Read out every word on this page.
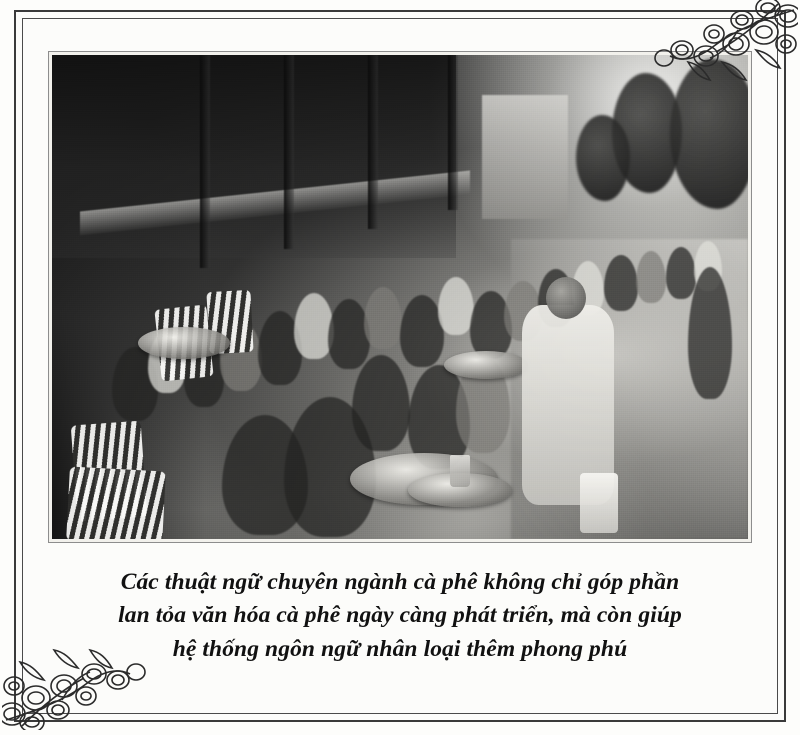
Các thuật ngữ chuyên ngành cà phê không chỉ góp phần
lan tỏa văn hóa cà phê ngày càng phát triển, mà còn giúp
hệ thống ngôn ngữ nhân loại thêm phong phú
